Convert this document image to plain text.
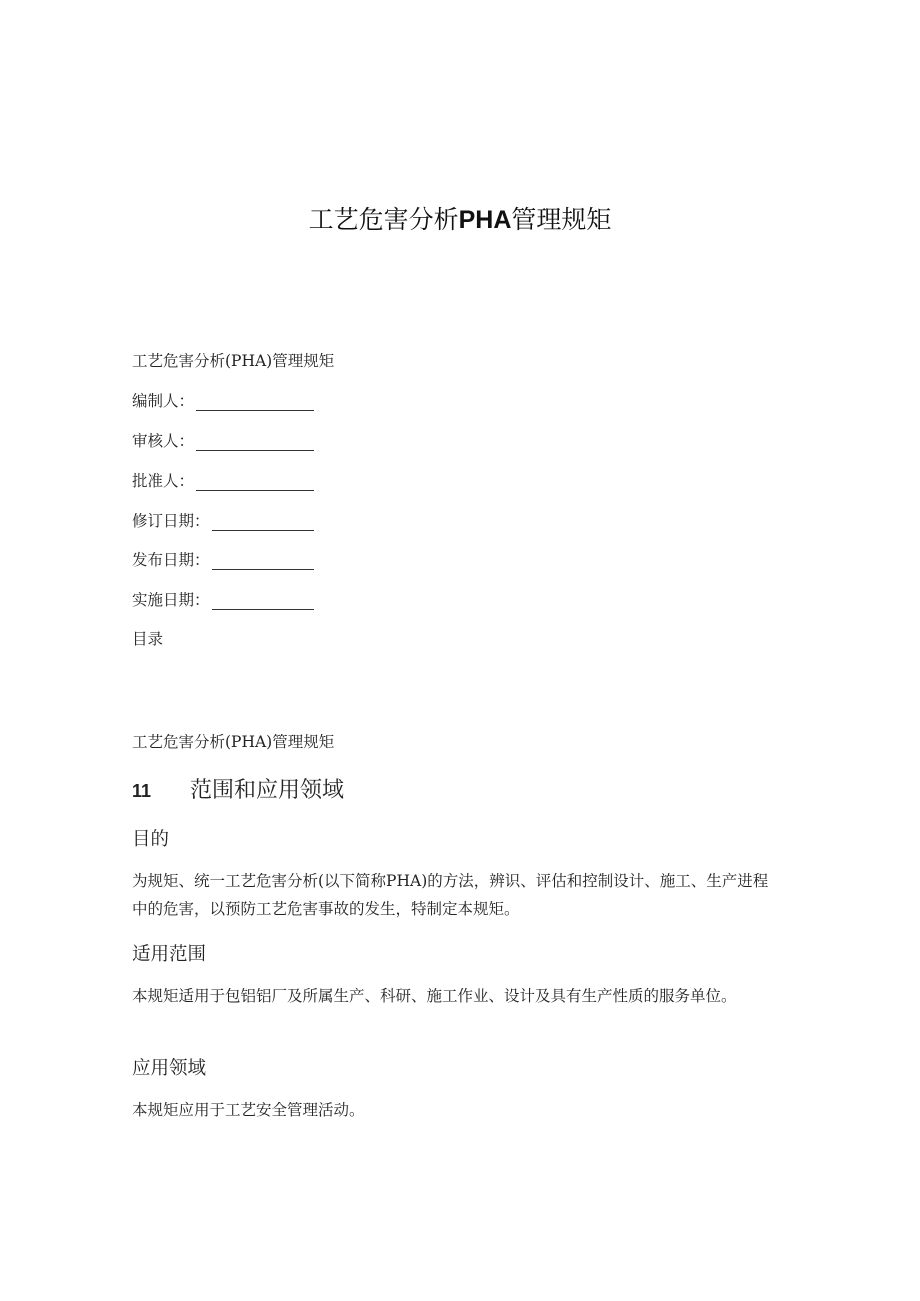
工艺危害分析PHA管理规矩
工艺危害分析(PHA)管理规矩
编制人：
审核人：
批准人：
修订日期：
发布日期：
实施日期：
目录
工艺危害分析(PHA)管理规矩
11	范围和应用领域
目的

为规矩、统一工艺危害分析(以下简称PHA)的方法，辨识、评估和控制设计、施工、生产进程中的危害，以预防工艺危害事故的发生，特制定本规矩。

适用范围

本规矩适用于包铝铝厂及所属生产、科研、施工作业、设计及具有生产性质的服务单位。

应用领域

本规矩应用于工艺安全管理活动。
